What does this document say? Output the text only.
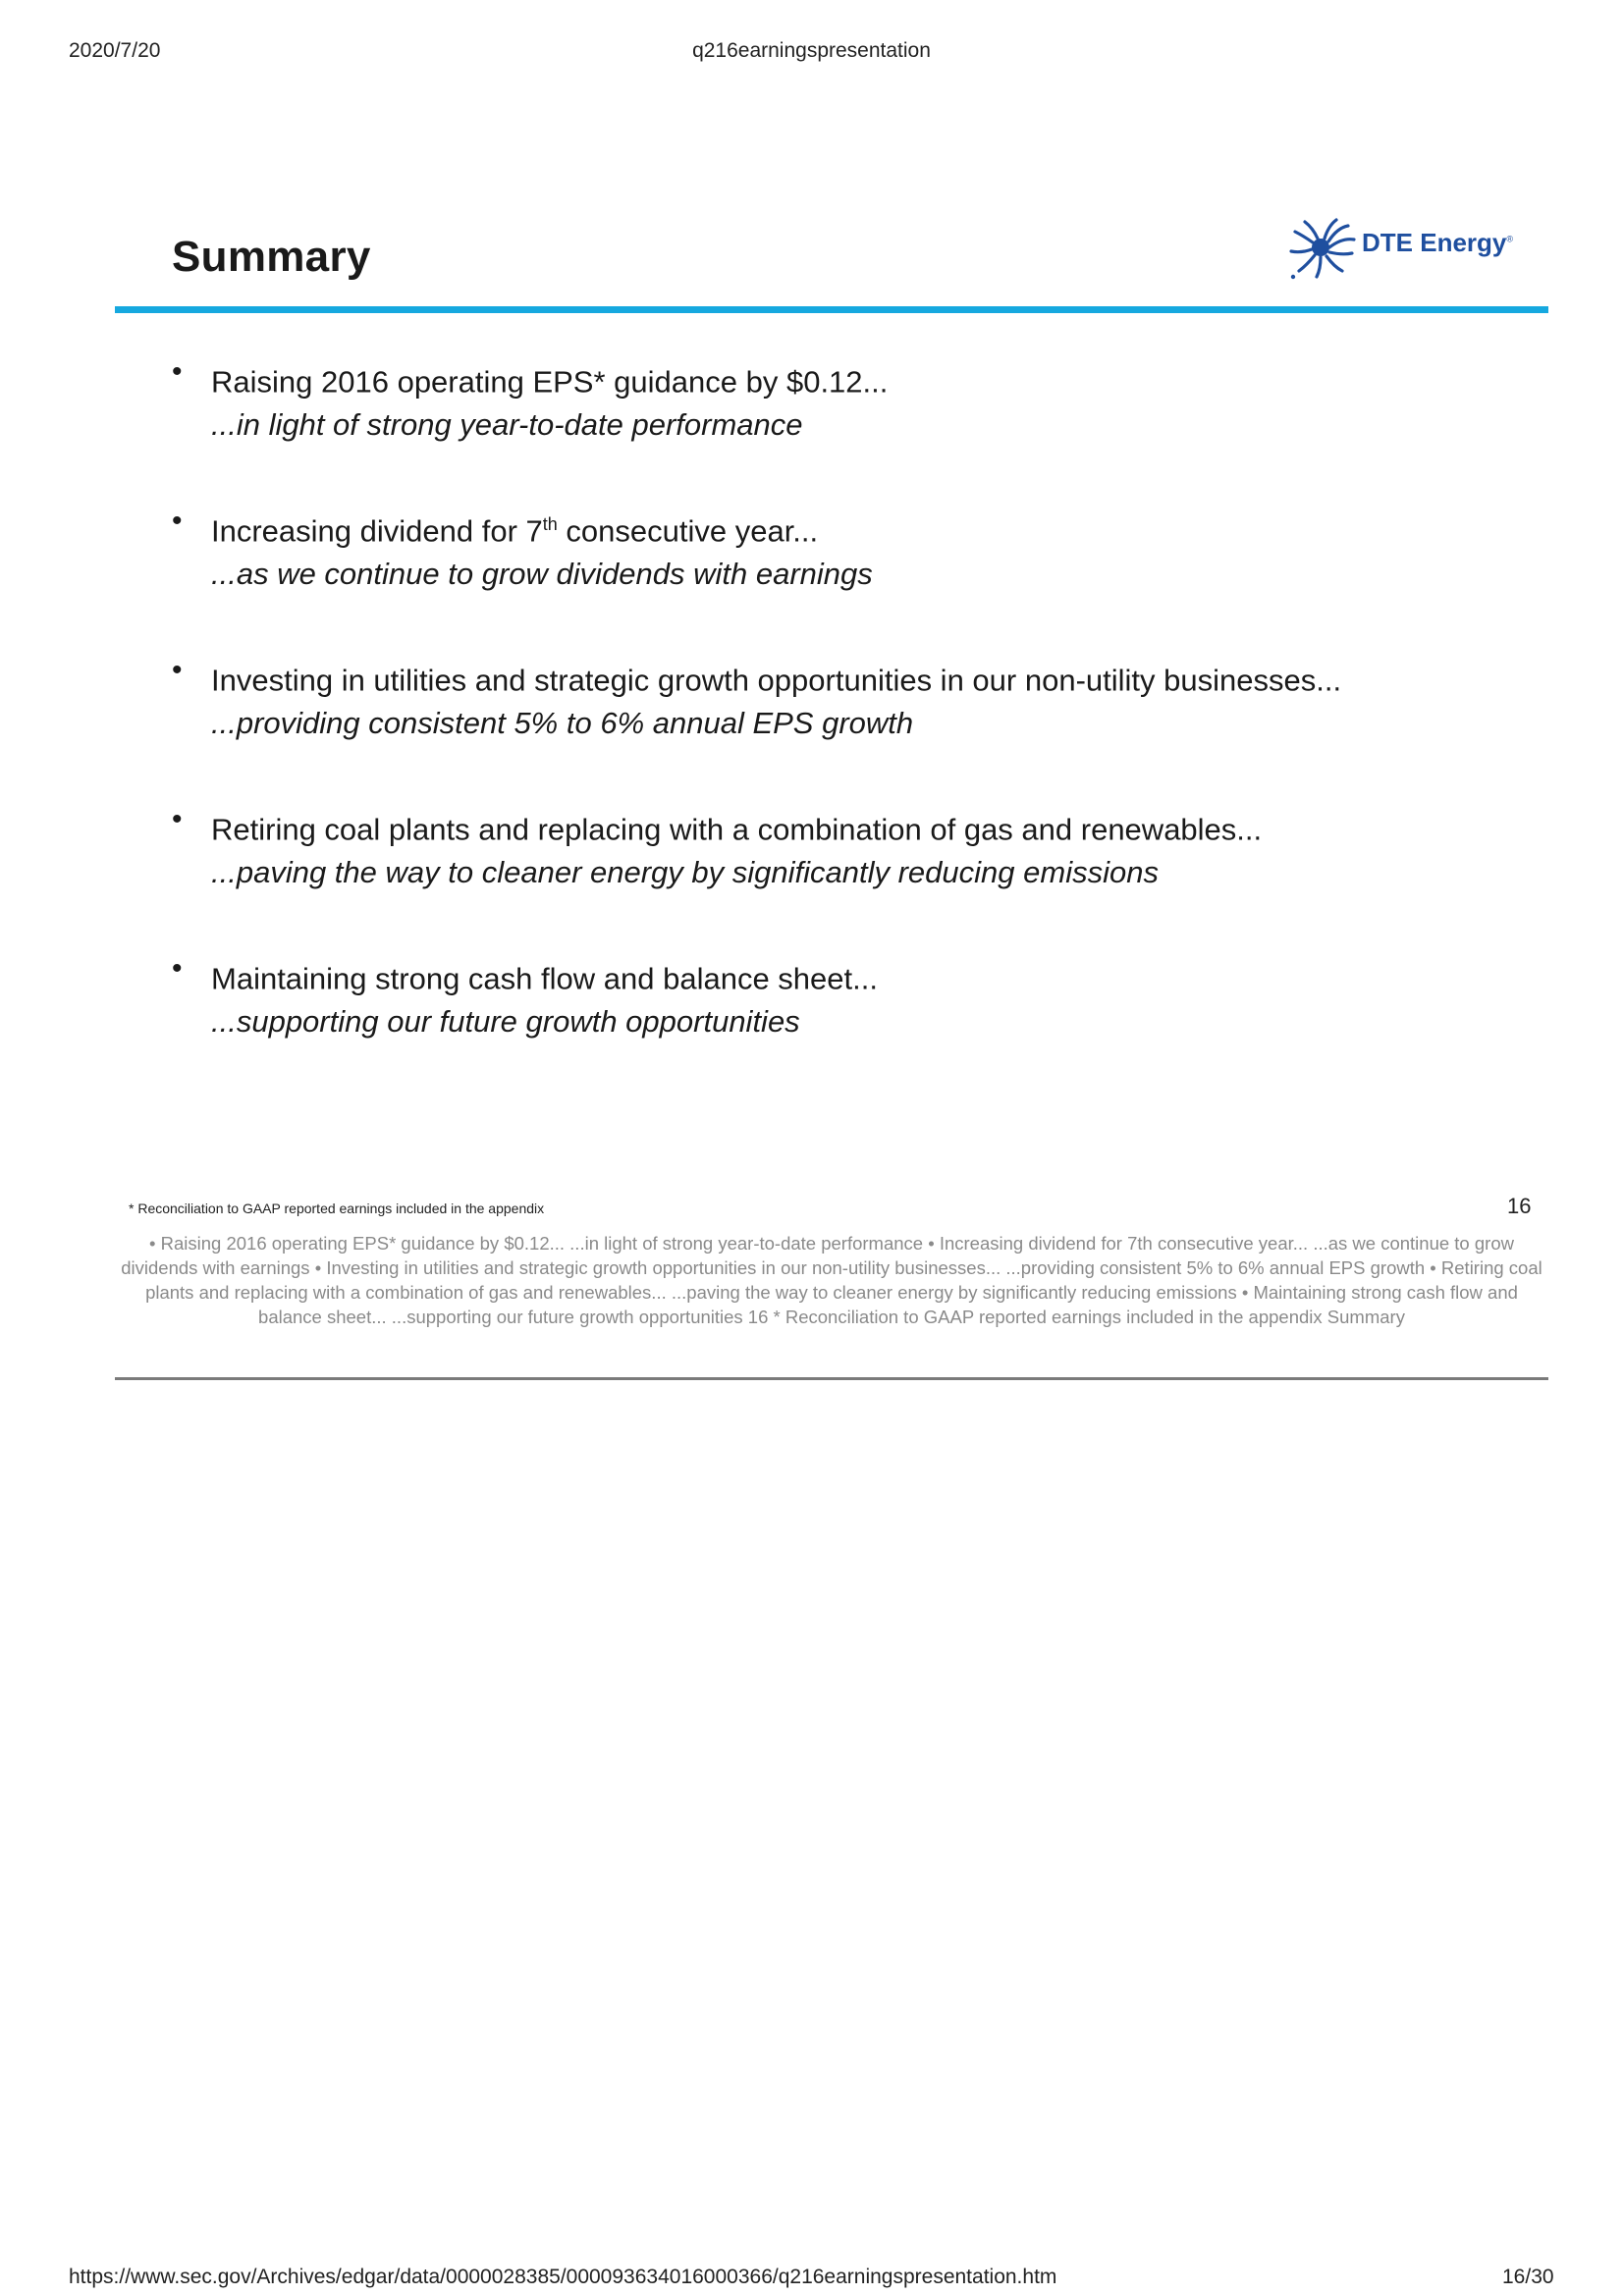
2020/7/20	q216earningspresentation
Summary	DTE Energy®
• Raising 2016 operating EPS* guidance by $0.12...
...in light of strong year-to-date performance
• Increasing dividend for 7th consecutive year...
...as we continue to grow dividends with earnings
• Investing in utilities and strategic growth opportunities in our non-utility businesses...
...providing consistent 5% to 6% annual EPS growth
• Retiring coal plants and replacing with a combination of gas and renewables...
...paving the way to cleaner energy by significantly reducing emissions
• Maintaining strong cash flow and balance sheet...
...supporting our future growth opportunities
* Reconciliation to GAAP reported earnings included in the appendix	16
• Raising 2016 operating EPS* guidance by $0.12... ...in light of strong year-to-date performance • Increasing dividend for 7th consecutive year... ...as we continue to grow dividends with earnings • Investing in utilities and strategic growth opportunities in our non-utility businesses... ...providing consistent 5% to 6% annual EPS growth • Retiring coal plants and replacing with a combination of gas and renewables... ...paving the way to cleaner energy by significantly reducing emissions • Maintaining strong cash flow and balance sheet... ...supporting our future growth opportunities 16 * Reconciliation to GAAP reported earnings included in the appendix Summary
https://www.sec.gov/Archives/edgar/data/0000028385/000093634016000366/q216earningspresentation.htm	16/30
